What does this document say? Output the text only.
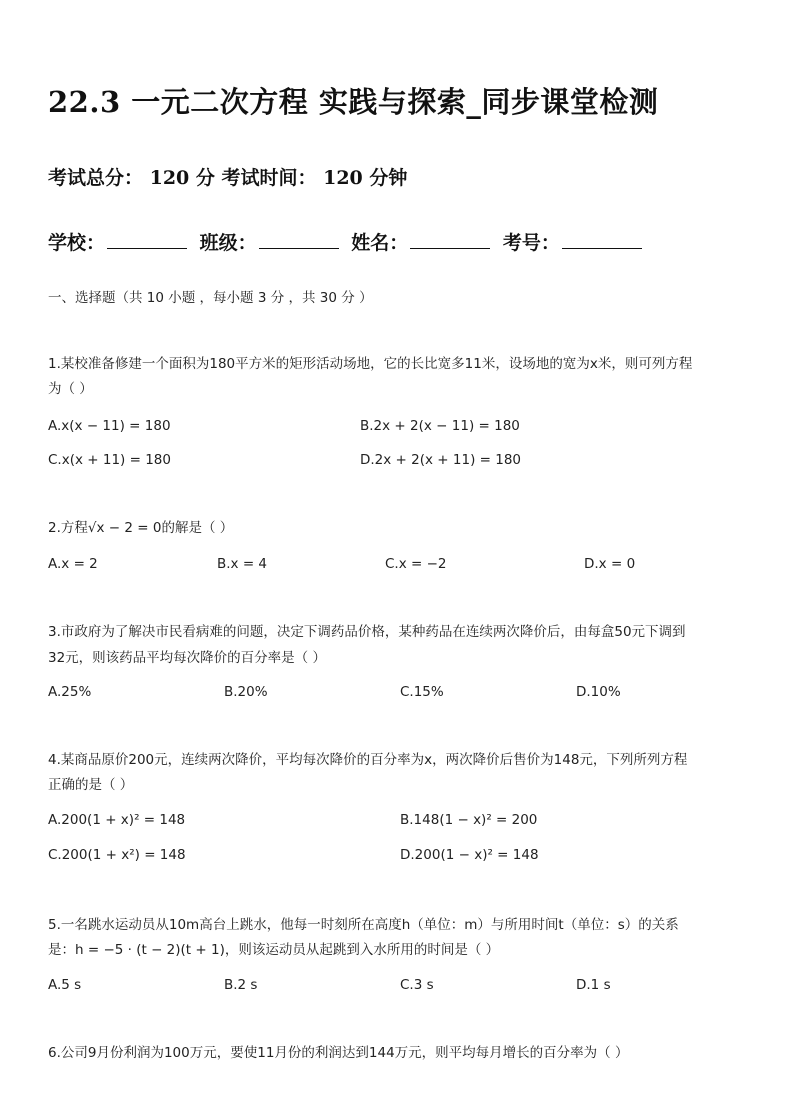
22.3 一元二次方程 实践与探索_同步课堂检测
考试总分： 120 分 考试时间： 120 分钟
学校：	班级：	姓名：	考号：
一、选择题（共 10 小题 ，每小题 3 分 ，共 30 分 ）
1.某校准备修建一个面积为180平方米的矩形活动场地，它的长比宽多11米，设场地的宽为x米，则可列方程
为（ ）
A.x(x − 11) = 180	B.2x + 2(x − 11) = 180
C.x(x + 11) = 180	D.2x + 2(x + 11) = 180
2.方程√x − 2 = 0的解是（ ）
A.x = 2	B.x = 4	C.x = −2	D.x = 0
3.市政府为了解决市民看病难的问题，决定下调药品价格，某种药品在连续两次降价后，由每盒50元下调到
32元，则该药品平均每次降价的百分率是（ ）
A.25%	B.20%	C.15%	D.10%
4.某商品原价200元，连续两次降价，平均每次降价的百分率为x，两次降价后售价为148元，下列所列方程
正确的是（ ）
A.200(1 + x)² = 148	B.148(1 − x)² = 200
C.200(1 + x²) = 148	D.200(1 − x)² = 148
5.一名跳水运动员从10m高台上跳水，他每一时刻所在高度h（单位：m）与所用时间t（单位：s）的关系
是：h = −5 · (t − 2)(t + 1)，则该运动员从起跳到入水所用的时间是（ ）
A.5 s	B.2 s	C.3 s	D.1 s
6.公司9月份利润为100万元，要使11月份的利润达到144万元，则平均每月增长的百分率为（ ）
